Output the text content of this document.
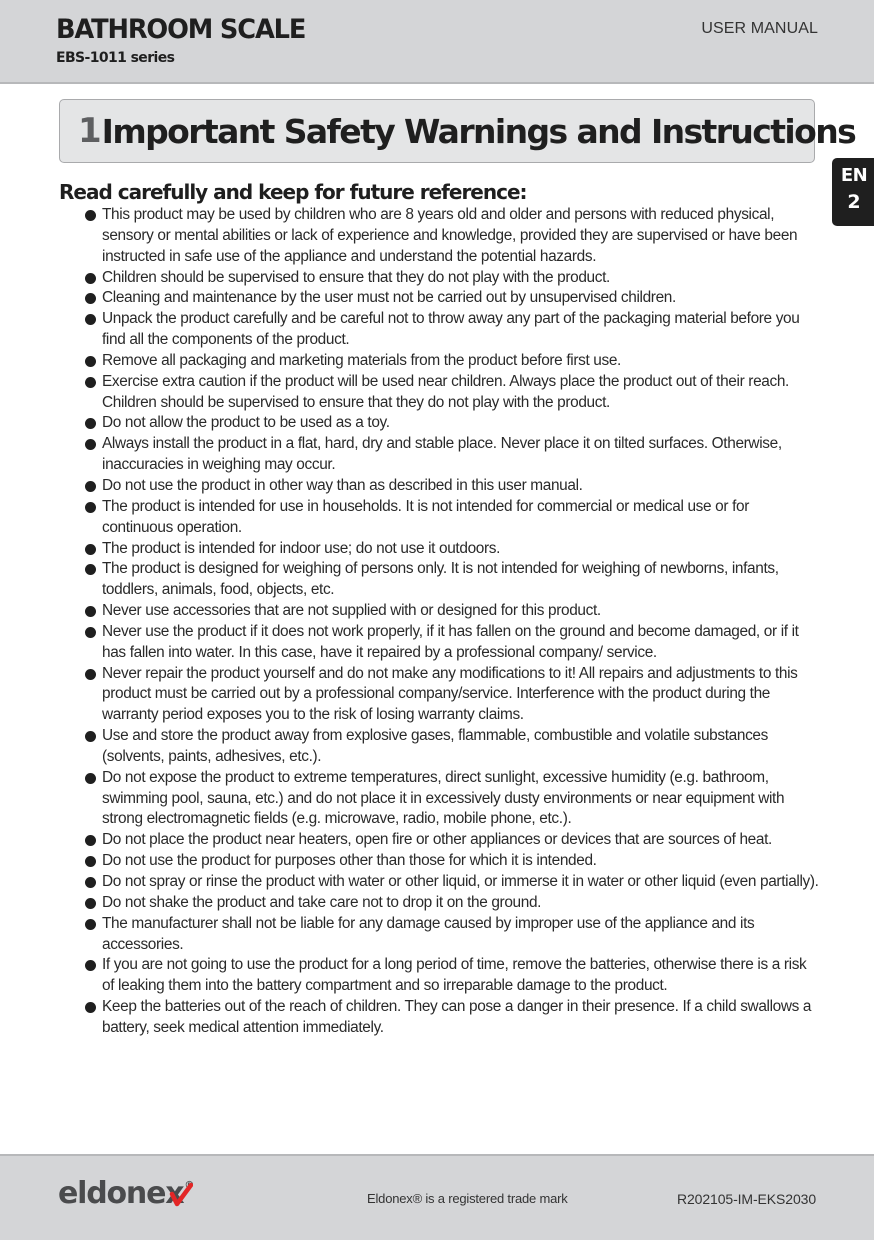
BATHROOM SCALE
EBS-1011 series
USER MANUAL
1 Important Safety Warnings and Instructions
EN
2
Read carefully and keep for future reference:
This product may be used by children who are 8 years old and older and persons with reduced physical, sensory or mental abilities or lack of experience and knowledge, provided they are supervised or have been instructed in safe use of the appliance and understand the potential hazards.
Children should be supervised to ensure that they do not play with the product.
Cleaning and maintenance by the user must not be carried out by unsupervised children.
Unpack the product carefully and be careful not to throw away any part of the packaging material before you find all the components of the product.
Remove all packaging and marketing materials from the product before first use.
Exercise extra caution if the product will be used near children. Always place the product out of their reach. Children should be supervised to ensure that they do not play with the product.
Do not allow the product to be used as a toy.
Always install the product in a flat, hard, dry and stable place. Never place it on tilted surfaces. Otherwise, inaccuracies in weighing may occur.
Do not use the product in other way than as described in this user manual.
The product is intended for use in households. It is not intended for commercial or medical use or for continuous operation.
The product is intended for indoor use; do not use it outdoors.
The product is designed for weighing of persons only. It is not intended for weighing of newborns, infants, toddlers, animals, food, objects, etc.
Never use accessories that are not supplied with or designed for this product.
Never use the product if it does not work properly, if it has fallen on the ground and become damaged, or if it has fallen into water. In this case, have it repaired by a professional company/ service.
Never repair the product yourself and do not make any modifications to it! All repairs and adjustments to this product must be carried out by a professional company/service. Interference with the product during the warranty period exposes you to the risk of losing warranty claims.
Use and store the product away from explosive gases, flammable, combustible and volatile substances (solvents, paints, adhesives, etc.).
Do not expose the product to extreme temperatures, direct sunlight, excessive humidity (e.g. bathroom, swimming pool, sauna, etc.) and do not place it in excessively dusty environments or near equipment with strong electromagnetic fields (e.g. microwave, radio, mobile phone, etc.).
Do not place the product near heaters, open fire or other appliances or devices that are sources of heat.
Do not use the product for purposes other than those for which it is intended.
Do not spray or rinse the product with water or other liquid, or immerse it in water or other liquid (even partially).
Do not shake the product and take care not to drop it on the ground.
The manufacturer shall not be liable for any damage caused by improper use of the appliance and its accessories.
If you are not going to use the product for a long period of time, remove the batteries, otherwise there is a risk of leaking them into the battery compartment and so irreparable damage to the product.
Keep the batteries out of the reach of children. They can pose a danger in their presence. If a child swallows a battery, seek medical attention immediately.
eldone x ®
Eldonex® is a registered trade mark	R202105-IM-EKS2030
